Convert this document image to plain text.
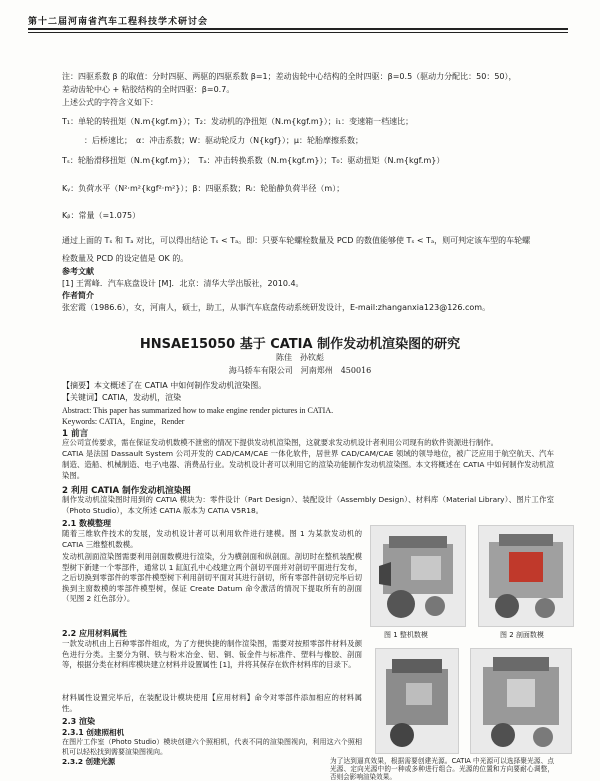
第十二届河南省汽车工程科技学术研讨会
注：四驱系数 β 的取值：分时四驱、两驱的四驱系数 β=1；差动齿轮中心结构的全时四驱：β=0.5（驱动力分配比：50：50），
差动齿轮中心 + 粘胶结构的全时四驱：β=0.7。
上述公式的字符含义如下：
T₁：单轮的转扭矩（N.m{kgf.m}）；T₂：发动机的净扭矩（N.m{kgf.m}）；i₁：变速箱一档速比；
：后桥速比；　α：冲击系数；W：驱动轮反力（N{kgf}）；μ：轮胎摩擦系数；
Tₛ：轮胎滑移扭矩（N.m{kgf.m}）；　Tₐ：冲击转换系数（N.m{kgf.m}）；T₀：驱动扭矩（N.m{kgf.m}）
Kᵧ：负荷水平（N²·m²{kgf²·m²}）；β：四驱系数；Rₗ：轮胎静负荷半径（m）；
Kᵦ：常量（=1.075）
通过上面的 Tₛ 和 Tₐ 对比，可以得出结论 Tₛ < Tₐ。即：只要车轮螺栓数量及 PCD 的数值能够使 Tₛ < Tₐ，则可判定该车型的车轮螺
栓数量及 PCD 的设定值是 OK 的。
参考文献
[1] 王霄峰．汽车底盘设计 [M]．北京：清华大学出版社，2010.4。
作者简介
张宏霞（1986.6），女，河南人，硕士，助工，从事汽车底盘传动系统研发设计，E-mail:zhanganxia123@126.com。
HNSAE15050 基于 CATIA 制作发动机渲染图的研究
陈佳　孙钦彪
海马轿车有限公司　河南郑州　450016
【摘要】本文概述了在 CATIA 中如何制作发动机渲染图。
【关键词】CATIA，发动机，渲染
Abstract: This paper has summarized how to make engine render pictures in CATIA.
Keywords: CATIA，Engine，Render
1 前言
应公司宣传要求，需在保证发动机数模不泄密的情况下提供发动机渲染图，这就要求发动机设计者利用公司现有的软件资源进行制作。
CATIA 是法国 Dassault System 公司开发的 CAD/CAM/CAE 一体化软件，居世界 CAD/CAM/CAE 领域的领导地位，被广泛应用于航空航天、汽车制造、造船、机械制造、电子\电器、消费品行业。发动机设计者可以利用它的渲染功能制作发动机渲染图。本文将概述在 CATIA 中如何制作发动机渲染图。
2 利用 CATIA 制作发动机渲染图
制作发动机渲染图时用到的 CATIA 模块为：零件设计（Part Design）、装配设计（Assembly Design）、材料库（Material Library）、图片工作室（Photo Studio），本文所述 CATIA 版本为 CATIA V5R18。
2.1 数模整理
随着三维软件技术的发展，发动机设计者可以利用软件进行建模。图 1 为某款发动机的 CATIA 三维整机数模。
发动机剖面渲染图需要利用剖面数模进行渲染，分为横剖面和纵剖面。剖切时在整机装配模型树下新建一个零部件，通常以 1 缸缸孔中心线建立两个剖切平面并对剖切平面进行发布，之后切换到零部件的零部件模型树下利用剖切平面对其进行剖切，所有零部件剖切完毕后切换到主窗数模的零部件模型树，保证 Create Datum 命令激活的情况下提取所有的剖面（见图 2 红色部分）。
2.2 应用材料属性
一款发动机由上百种零部件组成，为了方便快捷的制作渲染图，需要对按照零部件材料及颜色进行分类。主要分为钢、铁与粉末冶金、铝、铜、钣金件与标准件、塑料与橡胶、剖面等，根据分类在材料库模块建立材料并设置属性 [1]，并将其保存在软件材料库的目录下。
材料属性设置完毕后，在装配设计模块使用【应用材料】命令对零部件添加相应的材料属性。
2.3 渲染
2.3.1 创建照相机
在图片工作室（Photo Studio）模块创建六个照相机，代表不同的渲染图视向，利用这六个照相机可以轻松找到需要渲染图视向。
2.3.2 创建光源	为了达到逼真效果，根据需要创建光源。CATIA 中光源可以选择聚光源、点光源、定向光源中的一种或多种进行组合。光源的位置和方向要耐心调整，否则会影响渲染效果。
图 1 整机数模	图 2 剖面数模
